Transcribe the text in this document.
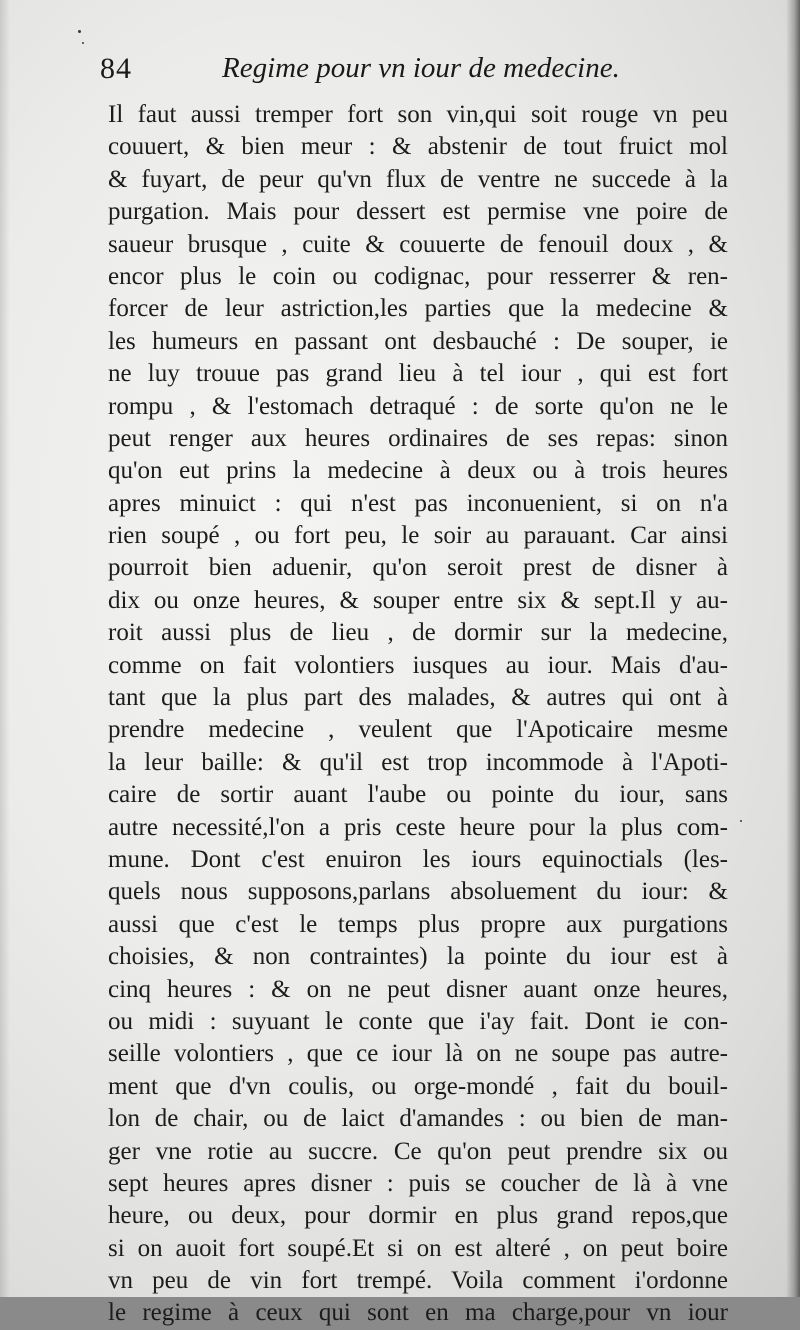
84	Regime pour vn iour de medecine.
Il faut aussi tremper fort son vin,qui soit rouge vn peu
couuert, & bien meur : & abstenir de tout fruict mol
& fuyart, de peur qu'vn flux de ventre ne succede à la
purgation. Mais pour dessert est permise vne poire de
saueur brusque , cuite & couuerte de fenouil doux , &
encor plus le coin ou codignac, pour resserrer & ren-
forcer de leur astriction,les parties que la medecine &
les humeurs en passant ont desbauché : De souper, ie
ne luy trouue pas grand lieu à tel iour , qui est fort
rompu , & l'estomach detraqué : de sorte qu'on ne le
peut renger aux heures ordinaires de ses repas: sinon
qu'on eut prins la medecine à deux ou à trois heures
apres minuict : qui n'est pas inconuenient, si on n'a
rien soupé , ou fort peu, le soir au parauant. Car ainsi
pourroit bien aduenir, qu'on seroit prest de disner à
dix ou onze heures, & souper entre six & sept.Il y au-
roit aussi plus de lieu , de dormir sur la medecine,
comme on fait volontiers iusques au iour. Mais d'au-
tant que la plus part des malades, & autres qui ont à
prendre medecine , veulent que l'Apoticaire mesme
la leur baille: & qu'il est trop incommode à l'Apoti-
caire de sortir auant l'aube ou pointe du iour, sans
autre necessité,l'on a pris ceste heure pour la plus com-
mune. Dont c'est enuiron les iours equinoctials (les-
quels nous supposons,parlans absoluement du iour: &
aussi que c'est le temps plus propre aux purgations
choisies, & non contraintes) la pointe du iour est à
cinq heures : & on ne peut disner auant onze heures,
ou midi : suyuant le conte que i'ay fait. Dont ie con-
seille volontiers , que ce iour là on ne soupe pas autre-
ment que d'vn coulis, ou orge-mondé , fait du bouil-
lon de chair, ou de laict d'amandes : ou bien de man-
ger vne rotie au succre. Ce qu'on peut prendre six ou
sept heures apres disner : puis se coucher de là à vne
heure, ou deux, pour dormir en plus grand repos,que
si on auoit fort soupé.Et si on est alteré , on peut boire
vn peu de vin fort trempé. Voila comment i'ordonne
le regime à ceux qui sont en ma charge,pour vn iour
